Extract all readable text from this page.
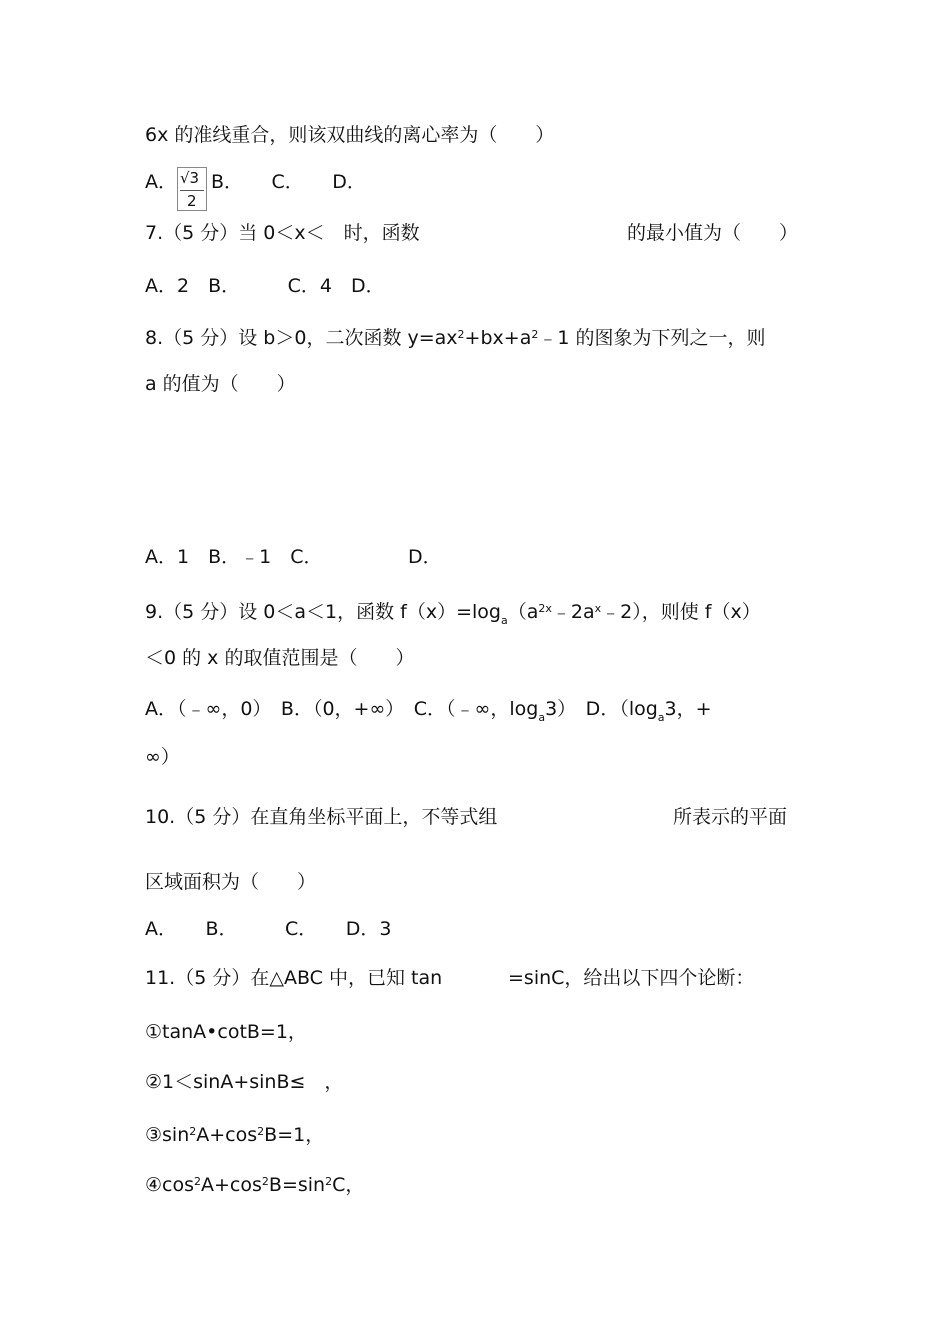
6x 的准线重合，则该双曲线的离心率为（　　）
A． √3
2
B．　　C．　　D．
7.（5 分）当 0＜x＜　时，函数	的最小值为（　　）
A．2　B．　　　C．4　D．
8.（5 分）设 b＞0，二次函数 $y=ax^2+bx+a^2﹣1$ 的图象为下列之一，则
a 的值为（　　）
A．1　B．﹣1　C．　　　　　D．
9.（5 分）设 0＜a＜1，函数 $f(x)=\log_a(a^{2x}﹣2a^x﹣2)$，则使 f（x）
＜0 的 x 的取值范围是（　　）
A．（﹣∞，0）　B．（0，+∞）　C．（﹣∞，$\log_a3$）　D．（$\log_a3$，+
∞）
10.（5 分）在直角坐标平面上，不等式组	所表示的平面
区域面积为（　　）
A．　　B．　　　C．　　D．3
11.（5 分）在△ABC 中，已知 tan	=sinC，给出以下四个论断：
①tanA•cotB=1，
②1＜sinA+sinB≤　，
$③\sin^2A+\cos^2B=1$，
$④\cos^2A+\cos^2B=\sin^2C$，
